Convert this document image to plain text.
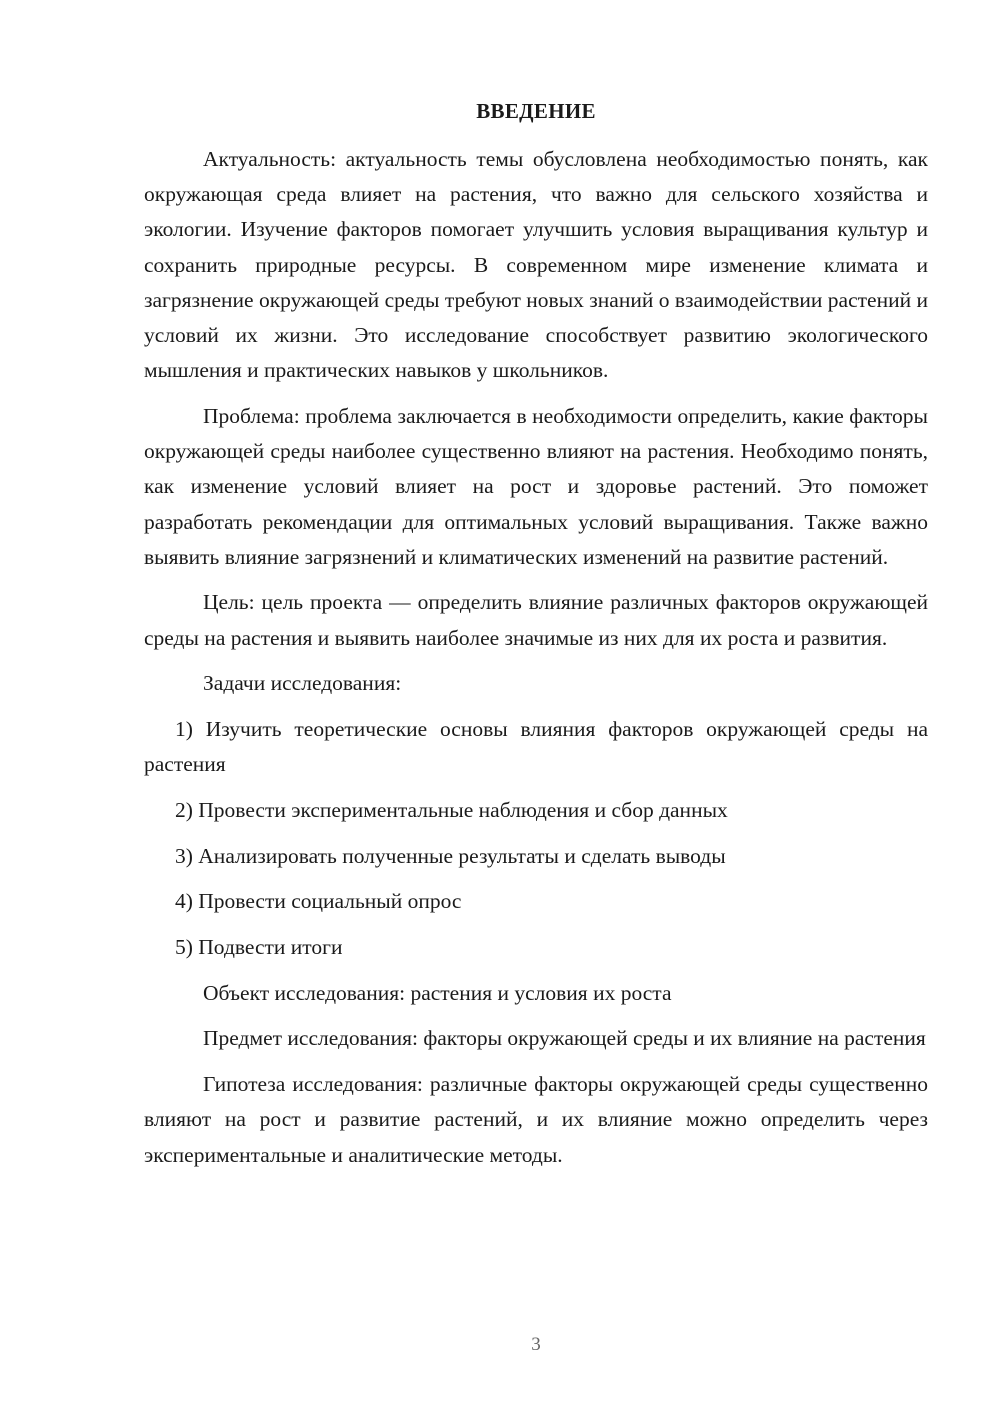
ВВЕДЕНИЕ

Актуальность: актуальность темы обусловлена необходимостью понять, как окружающая среда влияет на растения, что важно для сельского хозяйства и экологии. Изучение факторов помогает улучшить условия выращивания культур и сохранить природные ресурсы. В современном мире изменение климата и загрязнение окружающей среды требуют новых знаний о взаимодействии растений и условий их жизни. Это исследование способствует развитию экологического мышления и практических навыков у школьников.

Проблема: проблема заключается в необходимости определить, какие факторы окружающей среды наиболее существенно влияют на растения. Необходимо понять, как изменение условий влияет на рост и здоровье растений. Это поможет разработать рекомендации для оптимальных условий выращивания. Также важно выявить влияние загрязнений и климатических изменений на развитие растений.

Цель: цель проекта — определить влияние различных факторов окружающей среды на растения и выявить наиболее значимые из них для их роста и развития.

Задачи исследования:

1) Изучить теоретические основы влияния факторов окружающей среды на растения

2) Провести экспериментальные наблюдения и сбор данных

3) Анализировать полученные результаты и сделать выводы

4) Провести социальный опрос

5) Подвести итоги

Объект исследования: растения и условия их роста

Предмет исследования: факторы окружающей среды и их влияние на растения

Гипотеза исследования: различные факторы окружающей среды существенно влияют на рост и развитие растений, и их влияние можно определить через экспериментальные и аналитические методы.

3
